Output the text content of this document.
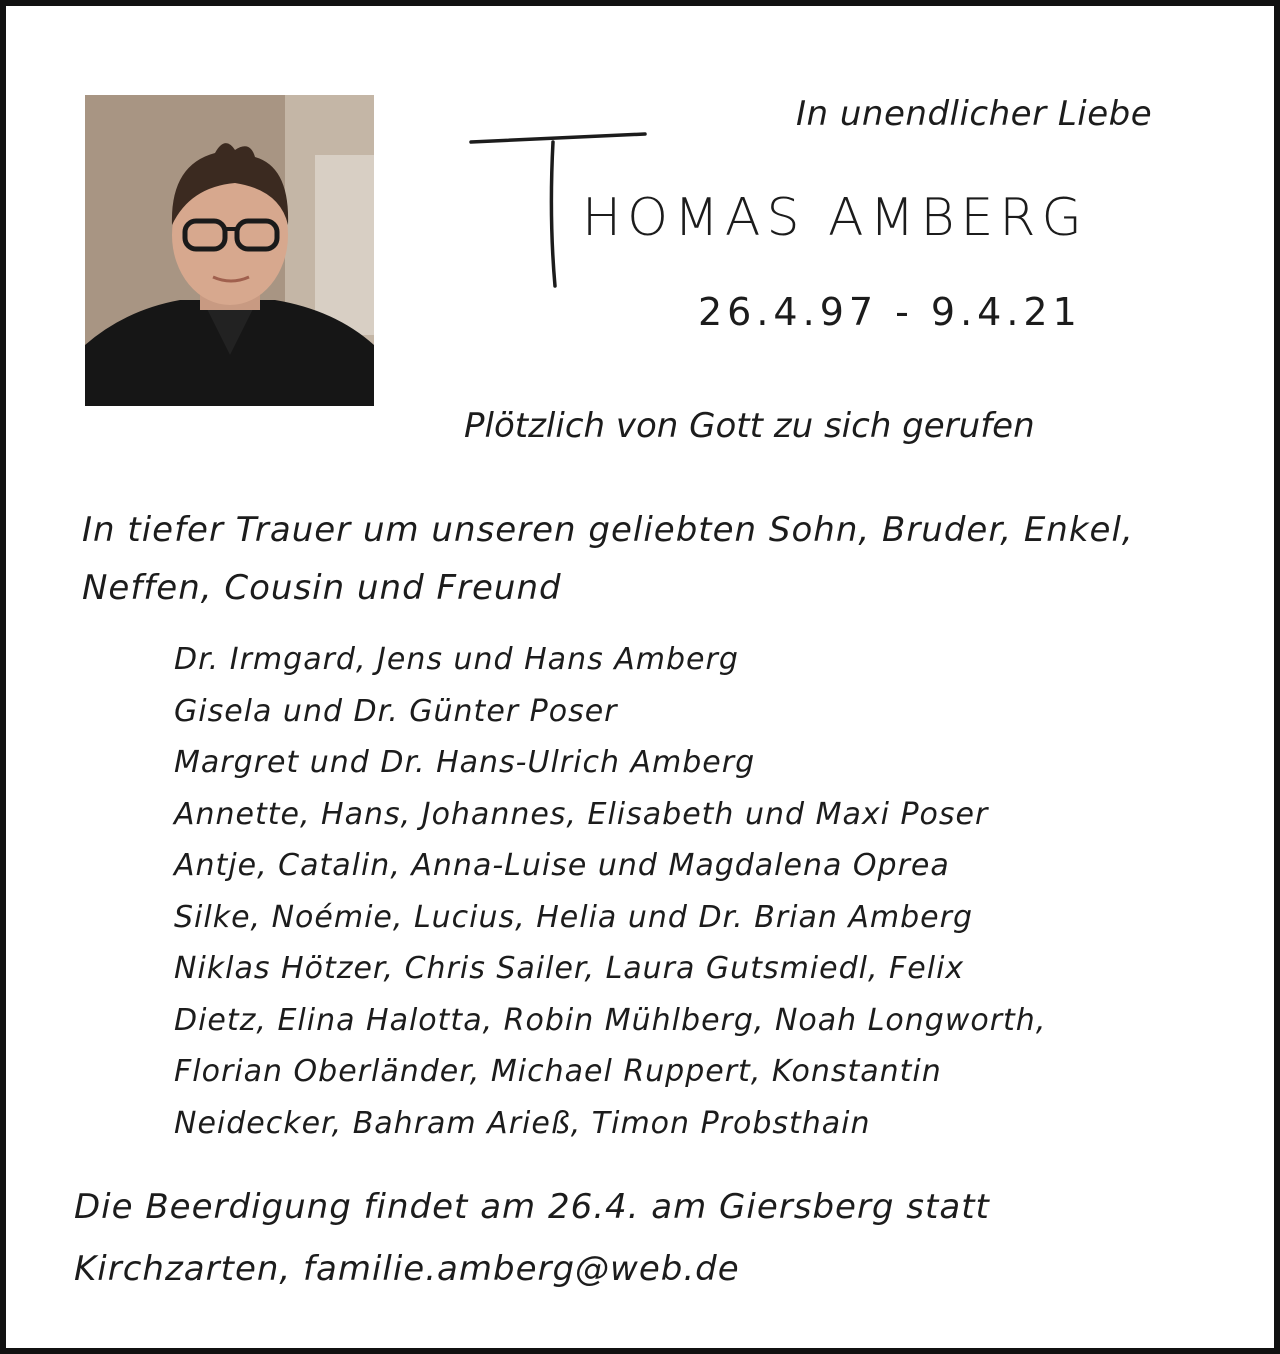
In unendlicher Liebe
T
HOMAS AMBERG
26.4.97 - 9.4.21
Plötzlich von Gott zu sich gerufen
In tiefer Trauer um unseren geliebten Sohn, Bruder, Enkel,
Neffen, Cousin und Freund
Dr. Irmgard, Jens und Hans Amberg
Gisela und Dr. Günter Poser
Margret und Dr. Hans-Ulrich Amberg
Annette, Hans, Johannes, Elisabeth und Maxi Poser
Antje, Catalin, Anna-Luise und Magdalena Oprea
Silke, Noémie, Lucius, Helia und Dr. Brian Amberg
Niklas Hötzer, Chris Sailer, Laura Gutsmiedl, Felix
Dietz, Elina Halotta, Robin Mühlberg, Noah Longworth,
Florian Oberländer, Michael Ruppert, Konstantin
Neidecker, Bahram Arieß, Timon Probsthain
Die Beerdigung findet am 26.4. am Giersberg statt
Kirchzarten, familie.amberg@web.de
